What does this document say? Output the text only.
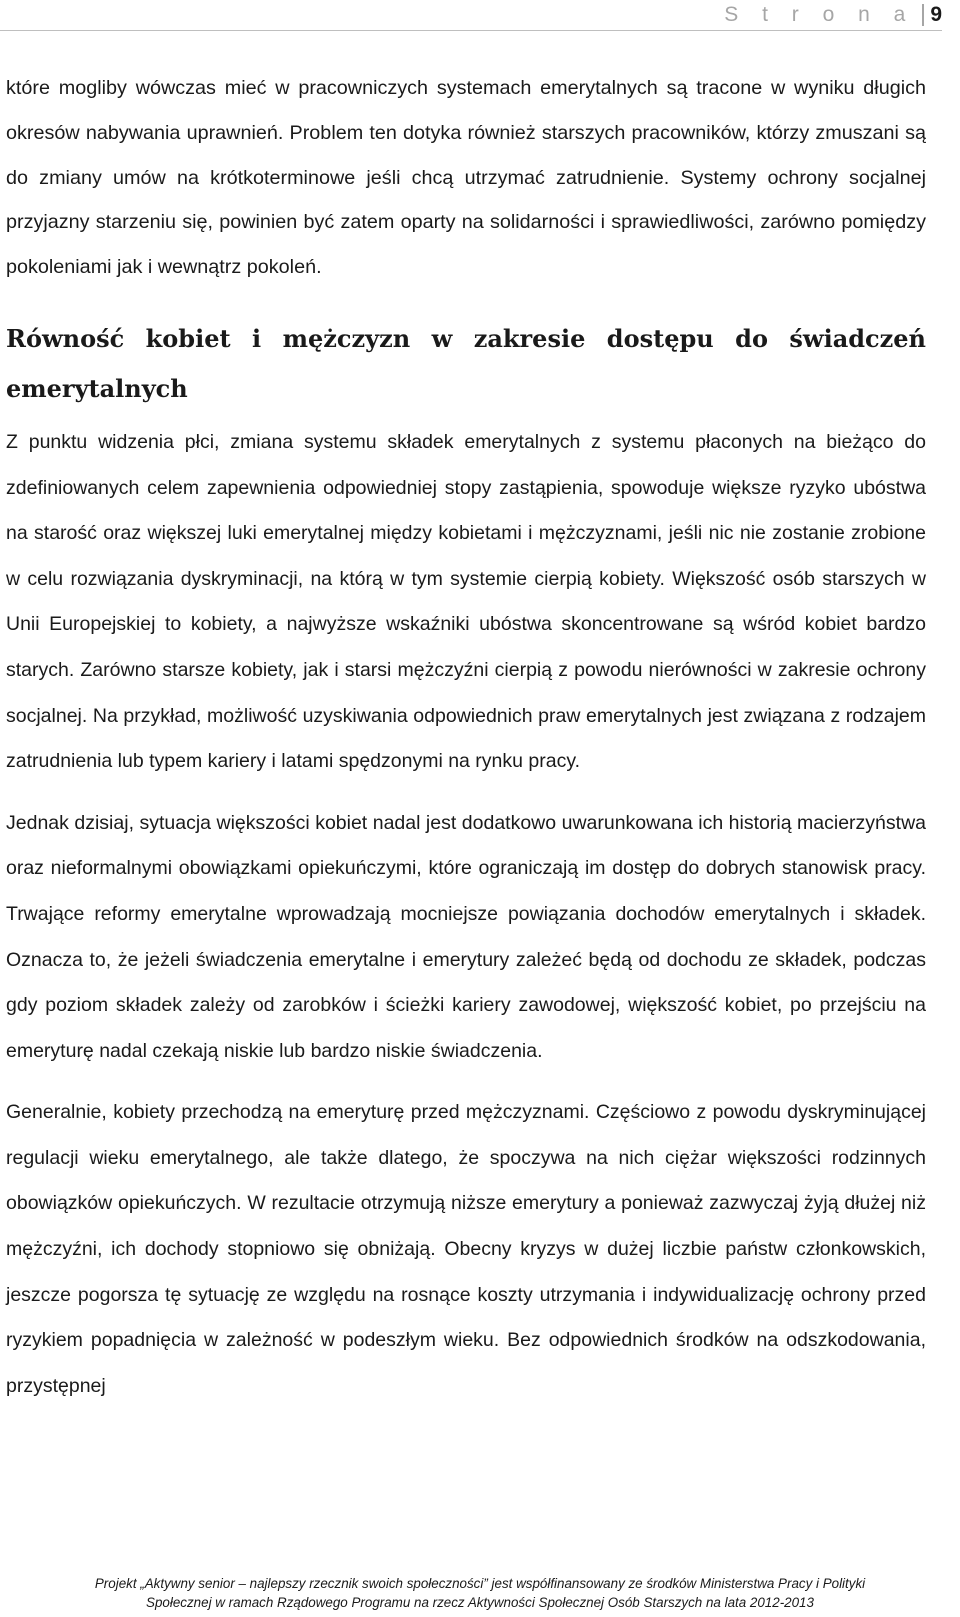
S t r o n a 9

które mogliby wówczas mieć w pracowniczych systemach emerytalnych są tracone w wyniku długich okresów nabywania uprawnień. Problem ten dotyka również starszych pracowników, którzy zmuszani są do zmiany umów na krótkoterminowe jeśli chcą utrzymać zatrudnienie. Systemy ochrony socjalnej przyjazny starzeniu się, powinien być zatem oparty na solidarności i sprawiedliwości, zarówno pomiędzy pokoleniami jak i wewnątrz pokoleń.

Równość kobiet i mężczyzn w zakresie dostępu do świadczeń emerytalnych

Z punktu widzenia płci, zmiana systemu składek emerytalnych z systemu płaconych na bieżąco do zdefiniowanych celem zapewnienia odpowiedniej stopy zastąpienia, spowoduje większe ryzyko ubóstwa na starość oraz większej luki emerytalnej między kobietami i mężczyznami, jeśli nic nie zostanie zrobione w celu rozwiązania dyskryminacji, na którą w tym systemie cierpią kobiety. Większość osób starszych w Unii Europejskiej to kobiety, a najwyższe wskaźniki ubóstwa skoncentrowane są wśród kobiet bardzo starych. Zarówno starsze kobiety, jak i starsi mężczyźni cierpią z powodu nierówności w zakresie ochrony socjalnej. Na przykład, możliwość uzyskiwania odpowiednich praw emerytalnych jest związana z rodzajem zatrudnienia lub typem kariery i latami spędzonymi na rynku pracy.

Jednak dzisiaj, sytuacja większości kobiet nadal jest dodatkowo uwarunkowana ich historią macierzyństwa oraz nieformalnymi obowiązkami opiekuńczymi, które ograniczają im dostęp do dobrych stanowisk pracy. Trwające reformy emerytalne wprowadzają mocniejsze powiązania dochodów emerytalnych i składek. Oznacza to, że jeżeli świadczenia emerytalne i emerytury zależeć będą od dochodu ze składek, podczas gdy poziom składek zależy od zarobków i ścieżki kariery zawodowej, większość kobiet, po przejściu na emeryturę nadal czekają niskie lub bardzo niskie świadczenia.

Generalnie, kobiety przechodzą na emeryturę przed mężczyznami. Częściowo z powodu dyskryminującej regulacji wieku emerytalnego, ale także dlatego, że spoczywa na nich ciężar większości rodzinnych obowiązków opiekuńczych. W rezultacie otrzymują niższe emerytury a ponieważ zazwyczaj żyją dłużej niż mężczyźni, ich dochody stopniowo się obniżają. Obecny kryzys w dużej liczbie państw członkowskich, jeszcze pogorsza tę sytuację ze względu na rosnące koszty utrzymania i indywidualizację ochrony przed ryzykiem popadnięcia w zależność w podeszłym wieku. Bez odpowiednich środków na odszkodowania, przystępnej

Projekt „Aktywny senior – najlepszy rzecznik swoich społeczności” jest współfinansowany ze środków Ministerstwa Pracy i Polityki
Społecznej w ramach Rządowego Programu na rzecz Aktywności Społecznej Osób Starszych na lata 2012-2013
